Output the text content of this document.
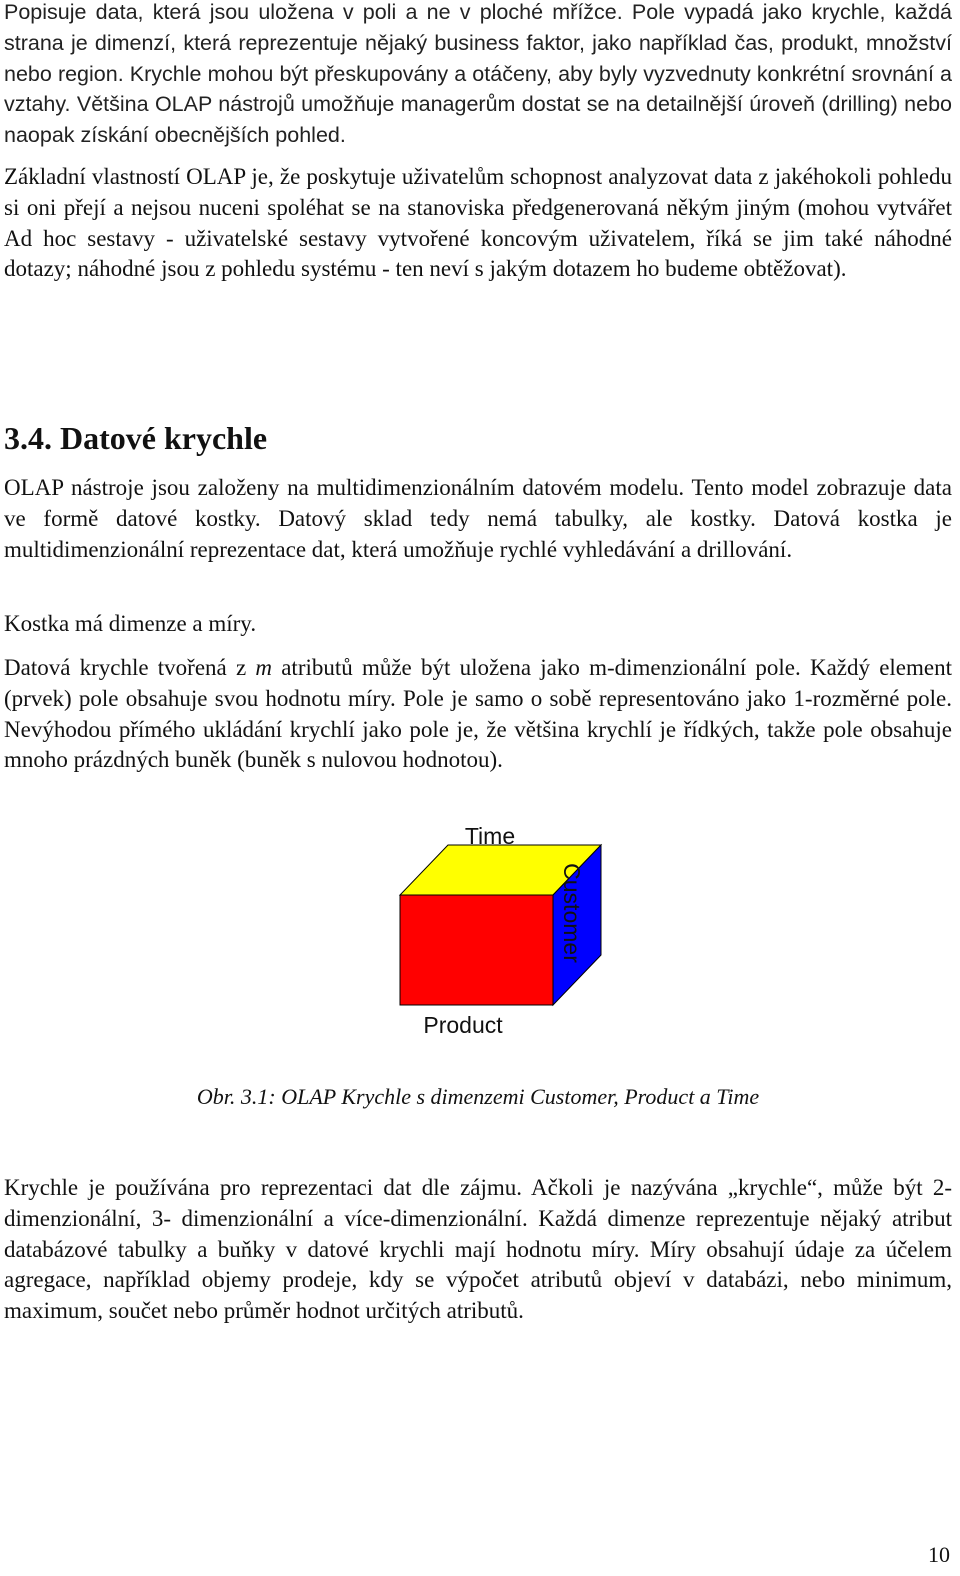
Popisuje data, která jsou uložena v poli a ne v ploché mřížce. Pole vypadá jako krychle, každá strana je dimenzí, která reprezentuje nějaký business faktor, jako například čas, produkt, množství nebo region. Krychle mohou být přeskupovány a otáčeny, aby byly vyzvednuty konkrétní srovnání a vztahy. Většina OLAP nástrojů umožňuje managerům dostat se na detailnější úroveň (drilling) nebo naopak získání obecnějších pohled.

Základní vlastností OLAP je, že poskytuje uživatelům schopnost analyzovat data z jakéhokoli pohledu si oni přejí a nejsou nuceni spoléhat se na stanoviska předgenerovaná někým jiným (mohou vytvářet Ad hoc sestavy - uživatelské sestavy vytvořené koncovým uživatelem, říká se jim také náhodné dotazy; náhodné jsou z pohledu systému - ten neví s jakým dotazem ho budeme obtěžovat).

3.4. Datové krychle

OLAP nástroje jsou založeny na multidimenzionálním datovém modelu. Tento model zobrazuje data ve formě datové kostky. Datový sklad tedy nemá tabulky, ale kostky. Datová kostka je multidimenzionální reprezentace dat, která umožňuje rychlé vyhledávání a drillování.

Kostka má dimenze a míry.

Datová krychle tvořená z m atributů může být uložena jako m-dimenzionální pole. Každý element (prvek) pole obsahuje svou hodnotu míry. Pole je samo o sobě representováno jako 1-rozměrné pole. Nevýhodou přímého ukládání krychlí jako pole je, že většina krychlí je řídkých, takže pole obsahuje mnoho prázdných buněk (buněk s nulovou hodnotou).

Time
Customer
Product

Obr. 3.1: OLAP Krychle s dimenzemi Customer, Product a Time

Krychle je používána pro reprezentaci dat dle zájmu. Ačkoli je nazývána „krychle“, může být 2-dimenzionální, 3- dimenzionální a více-dimenzionální. Každá dimenze reprezentuje nějaký atribut databázové tabulky a buňky v datové krychli mají hodnotu míry. Míry obsahují údaje za účelem agregace, například objemy prodeje, kdy se výpočet atributů objeví v databázi, nebo minimum, maximum, součet nebo průměr hodnot určitých atributů.

10
